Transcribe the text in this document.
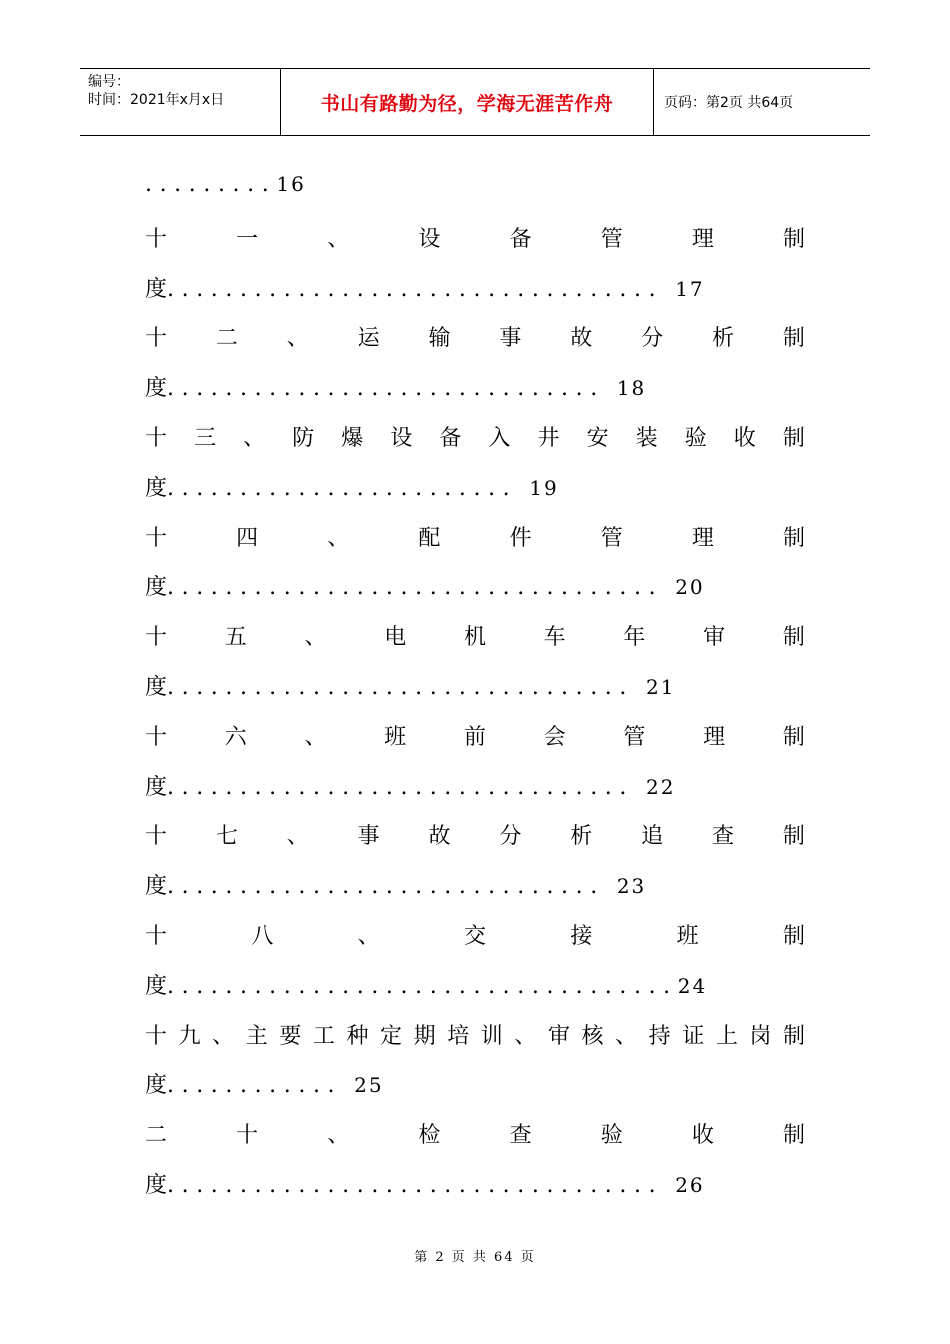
编号：
时间：2021年x月x日	书山有路勤为径，学海无涯苦作舟	页码：第2页 共64页
......... 16
十	一	、	设	备	管	理	制
度 .................................. 17
十 二 、 运 输 事 故 分 析 制
度 .............................. 18
十 三 、 防 爆 设 备 入 井 安 装 验 收 制
度 ........................ 19
十	四	、	配	件	管	理	制
度 .................................. 20
十	五	、	电	机	车	年	审	制
度 ................................ 21
十	六	、	班	前	会	管	理	制
度 ................................ 22
十 七 、 事 故 分 析 追 查 制
度 .............................. 23
十	八	、	交	接	班	制
度 ................................... 24
十 九 、 主 要 工 种 定 期 培 训 、 审 核 、 持 证 上 岗 制
度 ............ 25
二	十	、	检	查	验	收	制
度 .................................. 26
第 2 页 共 64 页
